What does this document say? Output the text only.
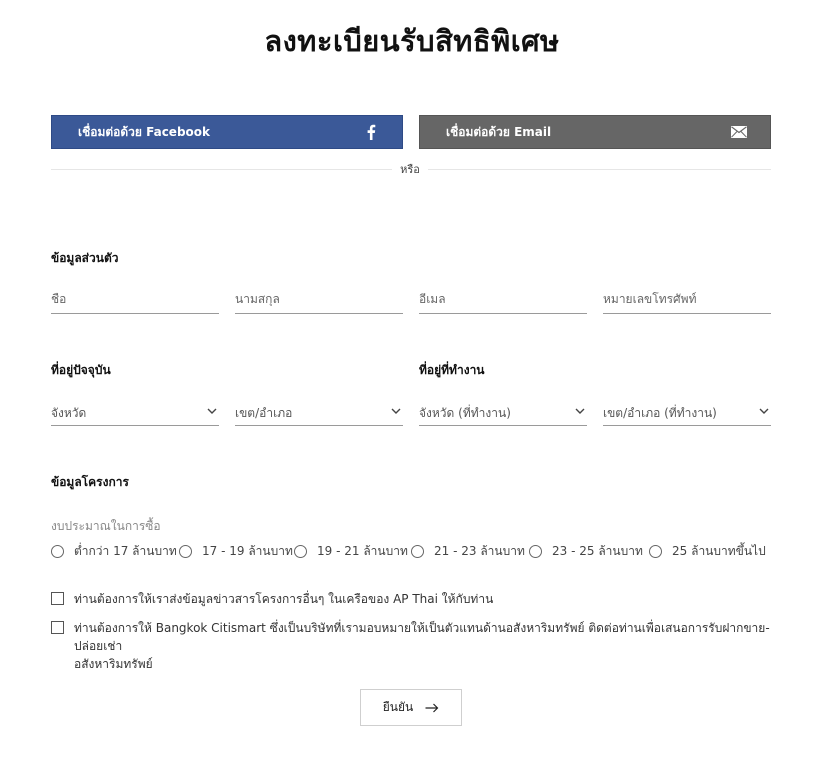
ลงทะเบียนรับสิทธิพิเศษ
เชื่อมต่อด้วย Facebook	เชื่อมต่อด้วย Email
หรือ
ข้อมูลส่วนตัว
ชื่อ
นามสกุล
อีเมล
หมายเลขโทรศัพท์
ที่อยู่ปัจจุบัน	ที่อยู่ที่ทำงาน
จังหวัด	เขต/อำเภอ	จังหวัด (ที่ทำงาน)	เขต/อำเภอ (ที่ทำงาน)
ข้อมูลโครงการ
งบประมาณในการซื้อ
ต่ำกว่า 17 ล้านบาท 17 - 19 ล้านบาท 19 - 21 ล้านบาท 21 - 23 ล้านบาท 23 - 25 ล้านบาท 25 ล้านบาทขึ้นไป
ท่านต้องการให้เราส่งข้อมูลข่าวสารโครงการอื่นๆ ในเครือของ AP Thai ให้กับท่าน
ท่านต้องการให้ Bangkok Citismart ซึ่งเป็นบริษัทที่เรามอบหมายให้เป็นตัวแทนด้านอสังหาริมทรัพย์ ติดต่อท่านเพื่อเสนอการรับฝากขาย-ปล่อยเช่า
อสังหาริมทรัพย์
ยืนยัน
